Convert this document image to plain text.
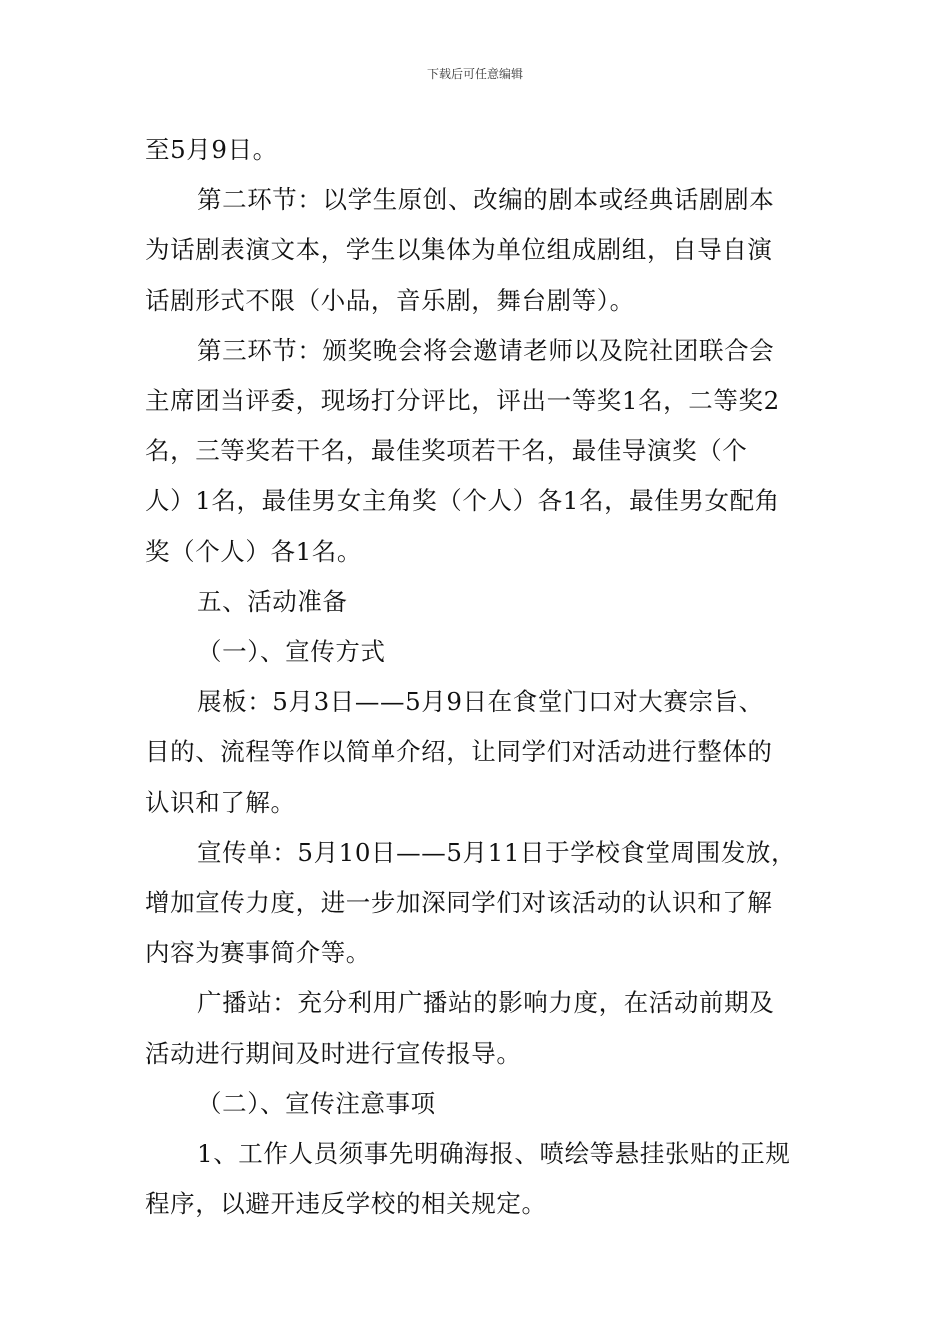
下载后可任意编辑
至5月9日。
第二环节：以学生原创、改编的剧本或经典话剧剧本
为话剧表演文本，学生以集体为单位组成剧组，自导自演
话剧形式不限（小品，音乐剧，舞台剧等）。
第三环节：颁奖晚会将会邀请老师以及院社团联合会
主席团当评委，现场打分评比，评出一等奖1名，二等奖2
名，三等奖若干名，最佳奖项若干名，最佳导演奖（个
人）1名，最佳男女主角奖（个人）各1名，最佳男女配角
奖（个人）各1名。
五、活动准备
（一）、宣传方式
展板：5月3日——5月9日在食堂门口对大赛宗旨、
目的、流程等作以简单介绍，让同学们对活动进行整体的
认识和了解。
宣传单：5月10日——5月11日于学校食堂周围发放，
增加宣传力度，进一步加深同学们对该活动的认识和了解
内容为赛事简介等。
广播站：充分利用广播站的影响力度，在活动前期及
活动进行期间及时进行宣传报导。
（二）、宣传注意事项
1、工作人员须事先明确海报、喷绘等悬挂张贴的正规
程序，以避开违反学校的相关规定。
